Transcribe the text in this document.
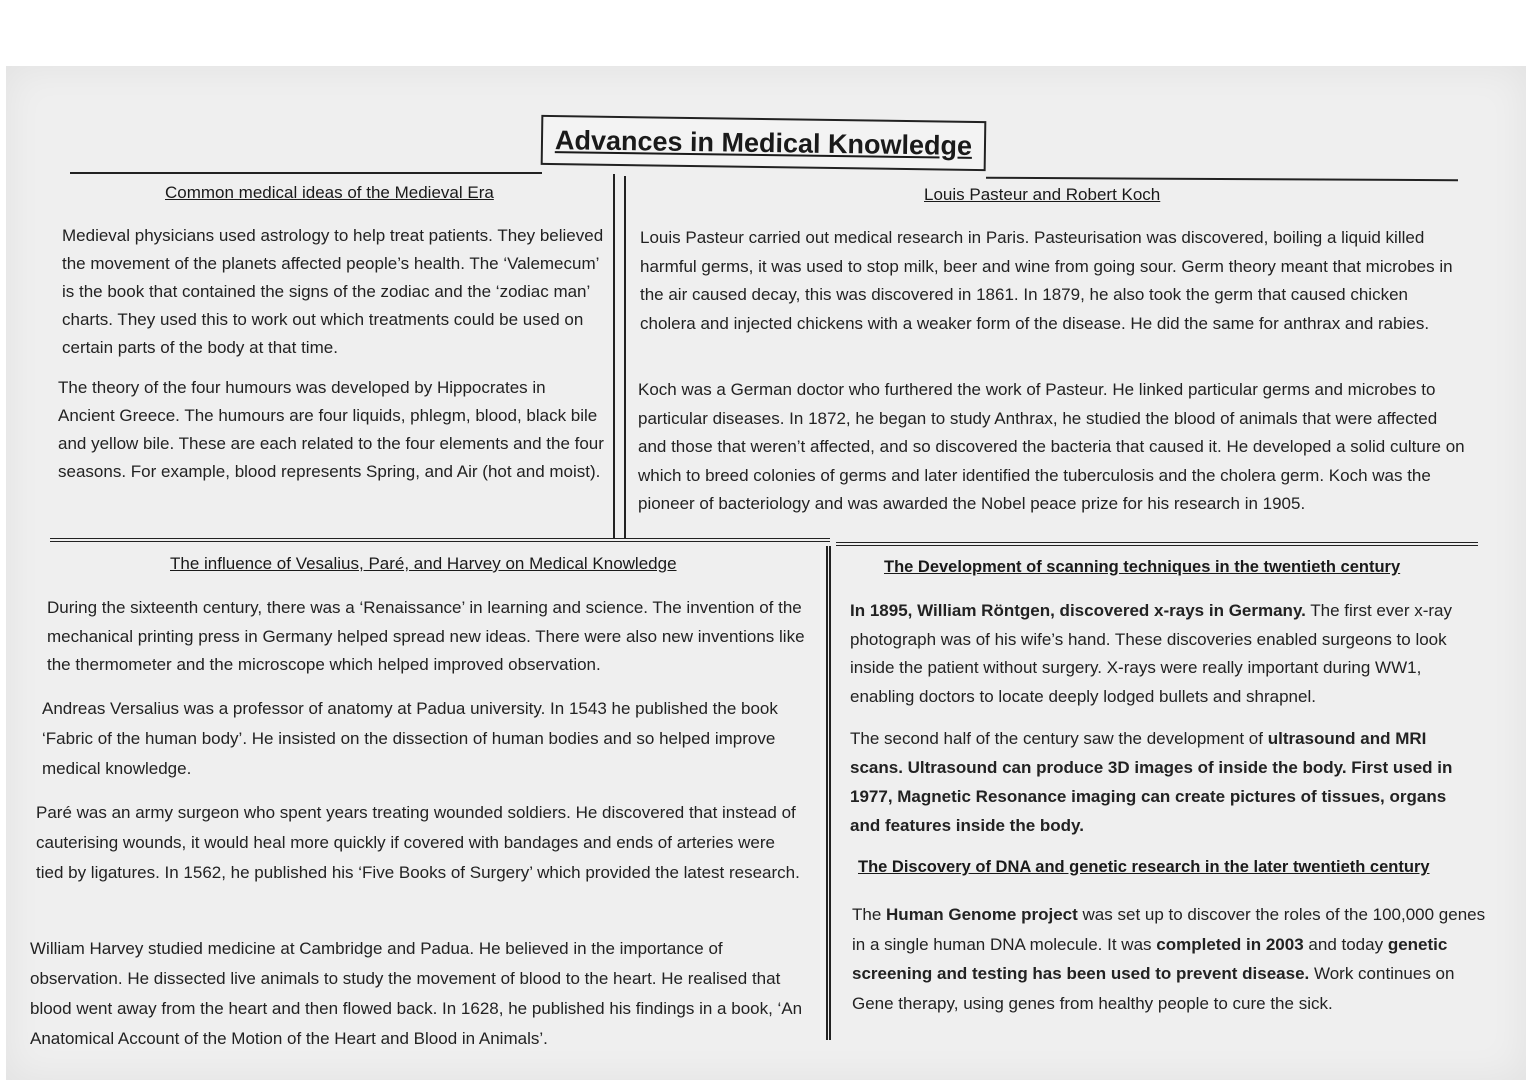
Advances in Medical Knowledge
Common medical ideas of the Medieval Era
Medieval physicians used astrology to help treat patients. They believed the movement of the planets affected people’s health. The ‘Valemecum’ is the book that contained the signs of the zodiac and the ‘zodiac man’ charts. They used this to work out which treatments could be used on certain parts of the body at that time.
The theory of the four humours was developed by Hippocrates in Ancient Greece. The humours are four liquids, phlegm, blood, black bile and yellow bile. These are each related to the four elements and the four seasons. For example, blood represents Spring, and Air (hot and moist).
Louis Pasteur and Robert Koch
Louis Pasteur carried out medical research in Paris. Pasteurisation was discovered, boiling a liquid killed harmful germs, it was used to stop milk, beer and wine from going sour. Germ theory meant that microbes in the air caused decay, this was discovered in 1861. In 1879, he also took the germ that caused chicken cholera and injected chickens with a weaker form of the disease. He did the same for anthrax and rabies.
Koch was a German doctor who furthered the work of Pasteur. He linked particular germs and microbes to particular diseases. In 1872, he began to study Anthrax, he studied the blood of animals that were affected and those that weren’t affected, and so discovered the bacteria that caused it. He developed a solid culture on which to breed colonies of germs and later identified the tuberculosis and the cholera germ. Koch was the pioneer of bacteriology and was awarded the Nobel peace prize for his research in 1905.
The influence of Vesalius, Paré, and Harvey on Medical Knowledge
During the sixteenth century, there was a ‘Renaissance’ in learning and science. The invention of the mechanical printing press in Germany helped spread new ideas. There were also new inventions like the thermometer and the microscope which helped improved observation.
Andreas Versalius was a professor of anatomy at Padua university. In 1543 he published the book ‘Fabric of the human body’. He insisted on the dissection of human bodies and so helped improve medical knowledge.
Paré was an army surgeon who spent years treating wounded soldiers. He discovered that instead of cauterising wounds, it would heal more quickly if covered with bandages and ends of arteries were tied by ligatures. In 1562, he published his ‘Five Books of Surgery’ which provided the latest research.
William Harvey studied medicine at Cambridge and Padua. He believed in the importance of observation. He dissected live animals to study the movement of blood to the heart. He realised that blood went away from the heart and then flowed back. In 1628, he published his findings in a book, ‘An Anatomical Account of the Motion of the Heart and Blood in Animals’.
The Development of scanning techniques in the twentieth century
In 1895, William Röntgen, discovered x-rays in Germany. The first ever x-ray photograph was of his wife’s hand. These discoveries enabled surgeons to look inside the patient without surgery. X-rays were really important during WW1, enabling doctors to locate deeply lodged bullets and shrapnel.
The second half of the century saw the development of ultrasound and MRI scans. Ultrasound can produce 3D images of inside the body. First used in 1977, Magnetic Resonance imaging can create pictures of tissues, organs and features inside the body.
The Discovery of DNA and genetic research in the later twentieth century
The Human Genome project was set up to discover the roles of the 100,000 genes in a single human DNA molecule. It was completed in 2003 and today genetic screening and testing has been used to prevent disease. Work continues on Gene therapy, using genes from healthy people to cure the sick.
